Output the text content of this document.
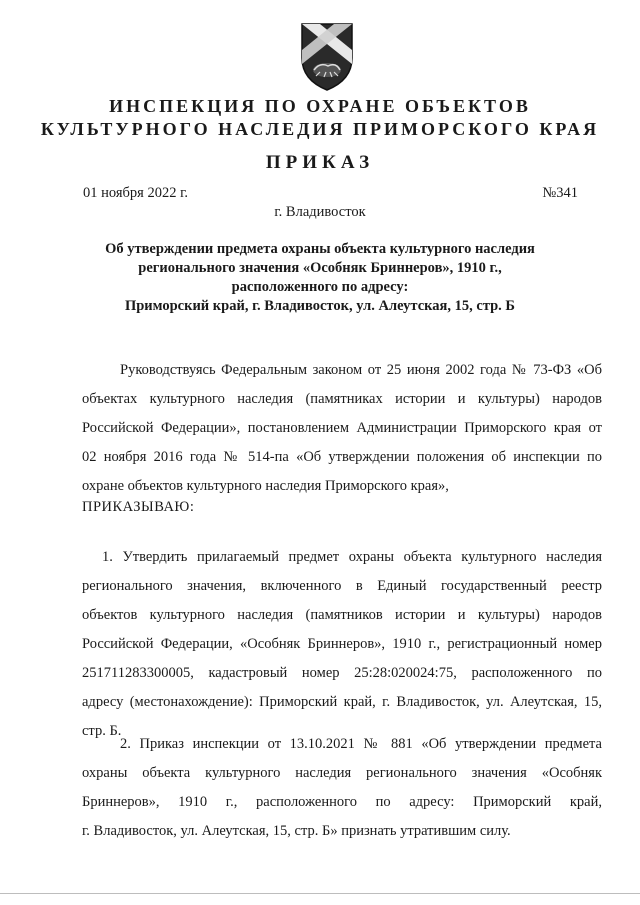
ИНСПЕКЦИЯ ПО ОХРАНЕ ОБЪЕКТОВ
КУЛЬТУРНОГО НАСЛЕДИЯ ПРИМОРСКОГО КРАЯ
ПРИКАЗ
01 ноября 2022 г.	№341
г. Владивосток
Об утверждении предмета охраны объекта культурного наследия
регионального значения «Особняк Бриннеров», 1910 г.,
расположенного по адресу:
Приморский край, г. Владивосток, ул. Алеутская, 15, стр. Б
Руководствуясь Федеральным законом от 25 июня 2002 года № 73-ФЗ «Об
объектах культурного наследия (памятниках истории и культуры) народов
Российской Федерации», постановлением Администрации Приморского края от
02 ноября 2016 года № 514-па «Об утверждении положения об инспекции по
охране объектов культурного наследия Приморского края»,
ПРИКАЗЫВАЮ:
1. Утвердить прилагаемый предмет охраны объекта культурного наследия
регионального значения, включенного в Единый государственный реестр
объектов культурного наследия (памятников истории и культуры) народов
Российской Федерации, «Особняк Бриннеров», 1910 г., регистрационный номер
251711283300005, кадастровый номер 25:28:020024:75, расположенного по
адресу (местонахождение): Приморский край, г. Владивосток, ул. Алеутская, 15,
стр. Б.
2. Приказ инспекции от 13.10.2021 № 881 «Об утверждении предмета
охраны объекта культурного наследия регионального значения «Особняк
Бриннеров», 1910 г., расположенного по адресу: Приморский край,
г. Владивосток, ул. Алеутская, 15, стр. Б» признать утратившим силу.
